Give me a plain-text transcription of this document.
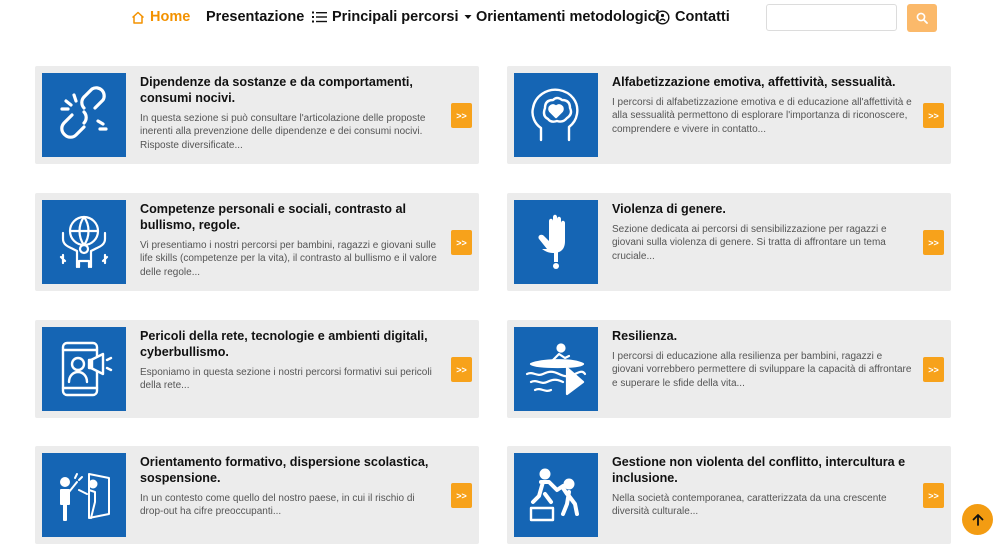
Home Presentazione Principali percorsi Orientamenti metodologici Contatti
Dipendenze da sostanze e da comportamenti, consumi nocivi.
In questa sezione si può consultare l'articolazione delle proposte inerenti alla prevenzione delle dipendenze e dei consumi nocivi. Risposte diversificate...
>>
Alfabetizzazione emotiva, affettività, sessualità.
I percorsi di alfabetizzazione emotiva e di educazione all'affettività e alla sessualità permettono di esplorare l'importanza di riconoscere, comprendere e vivere in contatto...
>>
Competenze personali e sociali, contrasto al bullismo, regole.
Vi presentiamo i nostri percorsi per bambini, ragazzi e giovani sulle life skills (competenze per la vita), il contrasto al bullismo e il valore delle regole...
>>
Violenza di genere.
Sezione dedicata ai percorsi di sensibilizzazione per ragazzi e giovani sulla violenza di genere. Si tratta di affrontare un tema cruciale...
>>
Pericoli della rete, tecnologie e ambienti digitali, cyberbullismo.
Esponiamo in questa sezione i nostri percorsi formativi sui pericoli della rete...
>>
Resilienza.
I percorsi di educazione alla resilienza per bambini, ragazzi e giovani vorrebbero permettere di sviluppare la capacità di affrontare e superare le sfide della vita...
>>
Orientamento formativo, dispersione scolastica, sospensione.
In un contesto come quello del nostro paese, in cui il rischio di drop-out ha cifre preoccupanti...
>>
Gestione non violenta del conflitto, intercultura e inclusione.
Nella società contemporanea, caratterizzata da una crescente diversità culturale...
>>
